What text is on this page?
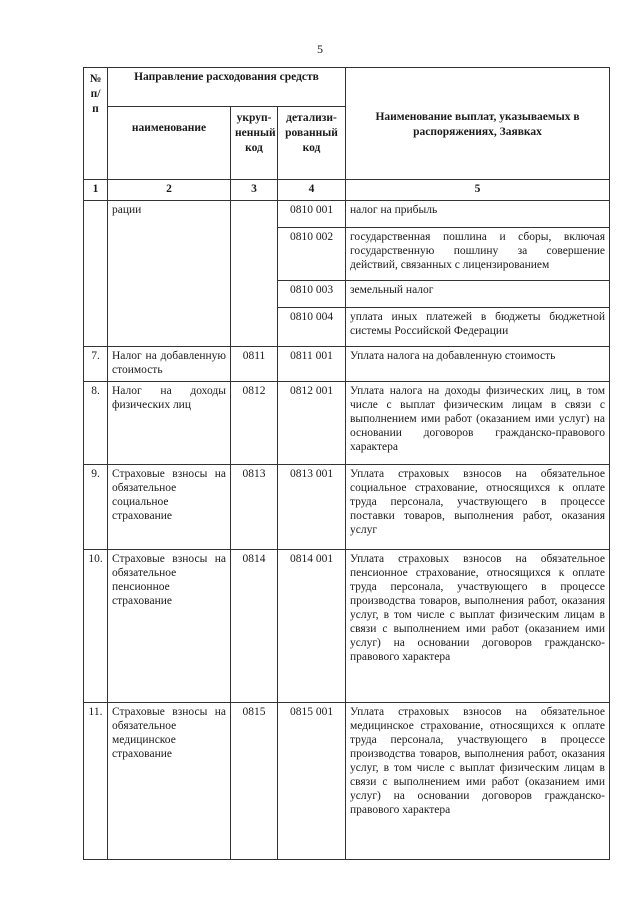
5
№ п/п	Направление расходования средств			Наименование выплат, указываемых в распоряжениях, Заявках
	наименование	укруп-ненный код	детализи-рованный код	
1	2	3	4	5
	рации		0810 001	налог на прибыль
			0810 002	государственная пошлина и сборы, включая государственную пошлину за совершение действий, связанных с лицензированием
			0810 003	земельный налог
			0810 004	уплата иных платежей в бюджеты бюджетной системы Российской Федерации
7.	Налог на добавленную стоимость	0811	0811 001	Уплата налога на добавленную стоимость
8.	Налог на доходы физических лиц	0812	0812 001	Уплата налога на доходы физических лиц, в том числе с выплат физическим лицам в связи с выполнением ими работ (оказанием ими услуг) на основании договоров гражданско-правового характера
9.	Страховые взносы на обязательное социальное страхование	0813	0813 001	Уплата страховых взносов на обязательное социальное страхование, относящихся к оплате труда персонала, участвующего в процессе поставки товаров, выполнения работ, оказания услуг
10.	Страховые взносы на обязательное пенсионное страхование	0814	0814 001	Уплата страховых взносов на обязательное пенсионное страхование, относящихся к оплате труда персонала, участвующего в процессе производства товаров, выполнения работ, оказания услуг, в том числе с выплат физическим лицам в связи с выполнением ими работ (оказанием ими услуг) на основании договоров гражданско-правового характера
11.	Страховые взносы на обязательное медицинское страхование	0815	0815 001	Уплата страховых взносов на обязательное медицинское страхование, относящихся к оплате труда персонала, участвующего в процессе производства товаров, выполнения работ, оказания услуг, в том числе с выплат физическим лицам в связи с выполнением ими работ (оказанием ими услуг) на основании договоров гражданско-правового характера
